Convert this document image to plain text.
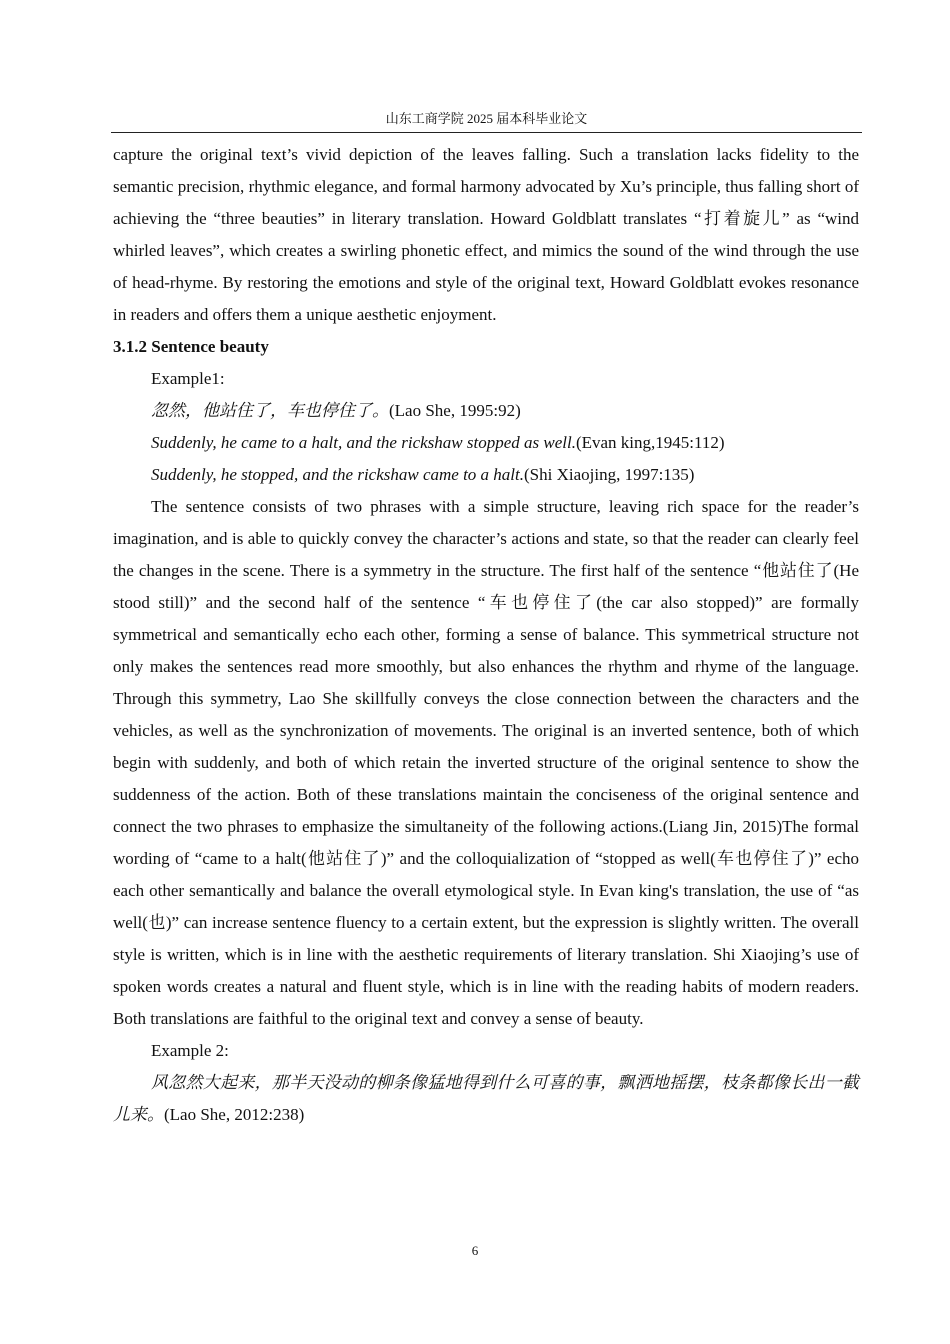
山东工商学院 2025 届本科毕业论文

capture the original text’s vivid depiction of the leaves falling. Such a translation lacks fidelity to the semantic precision, rhythmic elegance, and formal harmony advocated by Xu’s principle, thus falling short of achieving the “three beauties” in literary translation. Howard Goldblatt translates “打着旋儿” as “wind whirled leaves”, which creates a swirling phonetic effect, and mimics the sound of the wind through the use of head-rhyme. By restoring the emotions and style of the original text, Howard Goldblatt evokes resonance in readers and offers them a unique aesthetic enjoyment.

3.1.2 Sentence beauty

Example1:

忽然，他站住了，车也停住了。(Lao She, 1995:92)

Suddenly, he came to a halt, and the rickshaw stopped as well.(Evan king,1945:112)

Suddenly, he stopped, and the rickshaw came to a halt.(Shi Xiaojing, 1997:135)

The sentence consists of two phrases with a simple structure, leaving rich space for the reader’s imagination, and is able to quickly convey the character’s actions and state, so that the reader can clearly feel the changes in the scene. There is a symmetry in the structure. The first half of the sentence “他站住了(He stood still)” and the second half of the sentence “车也停住了(the car also stopped)” are formally symmetrical and semantically echo each other, forming a sense of balance. This symmetrical structure not only makes the sentences read more smoothly, but also enhances the rhythm and rhyme of the language. Through this symmetry, Lao She skillfully conveys the close connection between the characters and the vehicles, as well as the synchronization of movements. The original is an inverted sentence, both of which begin with suddenly, and both of which retain the inverted structure of the original sentence to show the suddenness of the action. Both of these translations maintain the conciseness of the original sentence and connect the two phrases to emphasize the simultaneity of the following actions.(Liang Jin, 2015)The formal wording of “came to a halt(他站住了)” and the colloquialization of “stopped as well(车也停住了)” echo each other semantically and balance the overall etymological style. In Evan king's translation, the use of “as well(也)” can increase sentence fluency to a certain extent, but the expression is slightly written. The overall style is written, which is in line with the aesthetic requirements of literary translation. Shi Xiaojing’s use of spoken words creates a natural and fluent style, which is in line with the reading habits of modern readers. Both translations are faithful to the original text and convey a sense of beauty.

Example 2:

风忽然大起来，那半天没动的柳条像猛地得到什么可喜的事，飘洒地摇摆，枝条都像长出一截儿来。(Lao She, 2012:238)

6
